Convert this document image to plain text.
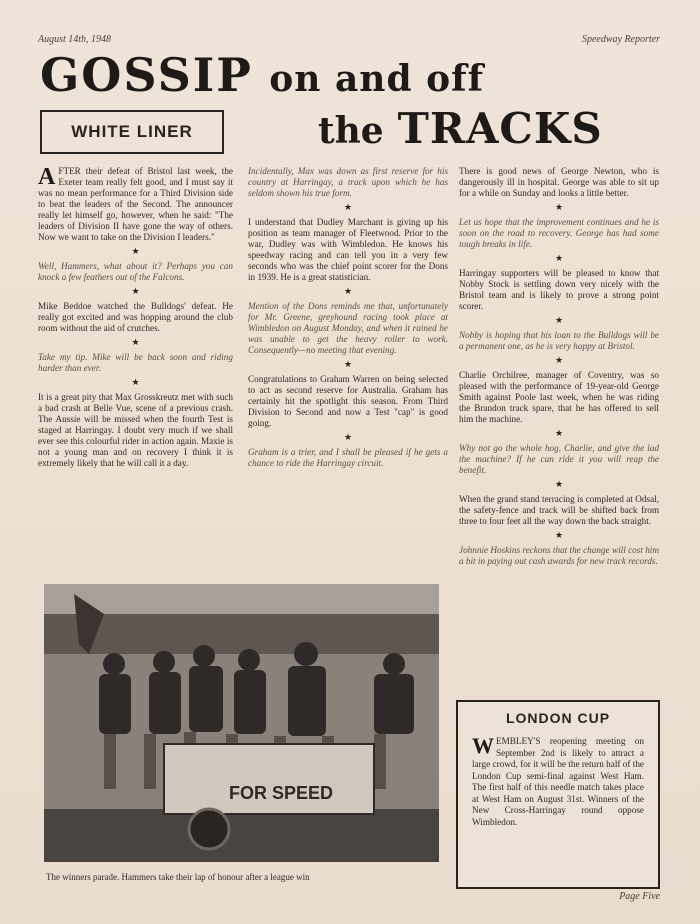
August 14th, 1948	Speedway Reporter
GOSSIP on and off
WHITE LINER	the TRACKS

AFTER their defeat of Bristol last week, the Exeter team really felt good, and I must say it was no mean performance for a Third Division side to beat the leaders of the Second. The announcer really let himself go, however, when he said: "The leaders of Division II have gone the way of others. Now we want to take on the Division I leaders."

★

Well, Hammers, what about it? Perhaps you can knock a few feathers out of the Falcons.

★

Mike Beddoe watched the Bulldogs' defeat. He really got excited and was hopping around the club room without the aid of crutches.

★

Take my tip. Mike will be back soon and riding harder than ever.

★

It is a great pity that Max Grosskreutz met with such a bad crash at Belle Vue, scene of a previous crash. The Aussie will be missed when the fourth Test is staged at Harringay. I doubt very much if we shall ever see this colourful rider in action again. Maxie is not a young man and on recovery I think it is extremely likely that he will call it a day.

Incidentally, Max was down as first reserve for his country at Harringay, a track upon which he has seldom shown his true form.

★

I understand that Dudley Marchant is giving up his position as team manager of Fleetwood. Prior to the war, Dudley was with Wimbledon. He knows his speedway racing and can tell you in a very few seconds who was the chief point scorer for the Dons in 1939. He is a great statistician.

★

Mention of the Dons reminds me that, unfortunately for Mr. Greene, greyhound racing took place at Wimbledon on August Monday, and when it rained he was unable to get the heavy roller to work. Consequently—no meeting that evening.

★

Congratulations to Graham Warren on being selected to act as second reserve for Australia. Graham has certainly hit the spotlight this season. From Third Division to Second and now a Test "cap" is good going.

★

Graham is a trier, and I shall be pleased if he gets a chance to ride the Harringay circuit.

There is good news of George Newton, who is dangerously ill in hospital. George was able to sit up for a while on Sunday and looks a little better.

★

Let us hope that the improvement continues and he is soon on the road to recovery. George has had some tough breaks in life.

★

Harringay supporters will be pleased to know that Nobby Stock is settling down very nicely with the Bristol team and is likely to prove a strong point scorer.

★

Nobby is hoping that his loan to the Bulldogs will be a permanent one, as he is very happy at Bristol.

★

Charlie Orchilree, manager of Coventry, was so pleased with the performance of 19-year-old George Smith against Poole last week, when he was riding the Brandon track spare, that he has offered to sell him the machine.

★

Why not go the whole hog, Charlie, and give the lad the machine? If he can ride it you will reap the benefit.

★

When the grand stand terracing is completed at Odsal, the safety-fence and track will be shifted back from three to four feet all the way down the back straight.

★

Johnnie Hoskins reckons that the change will cost him a bit in paying out cash awards for new track records.

FOR SPEED
The winners parade. Hammers take their lap of honour after a league win
LONDON CUP
WEMBLEY'S reopening meeting on September 2nd is likely to attract a large crowd, for it will be the return half of the London Cup semi-final against West Ham. The first half of this needle match takes place at West Ham on August 31st. Winners of the New Cross-Harringay round oppose Wimbledon.
Page Five
